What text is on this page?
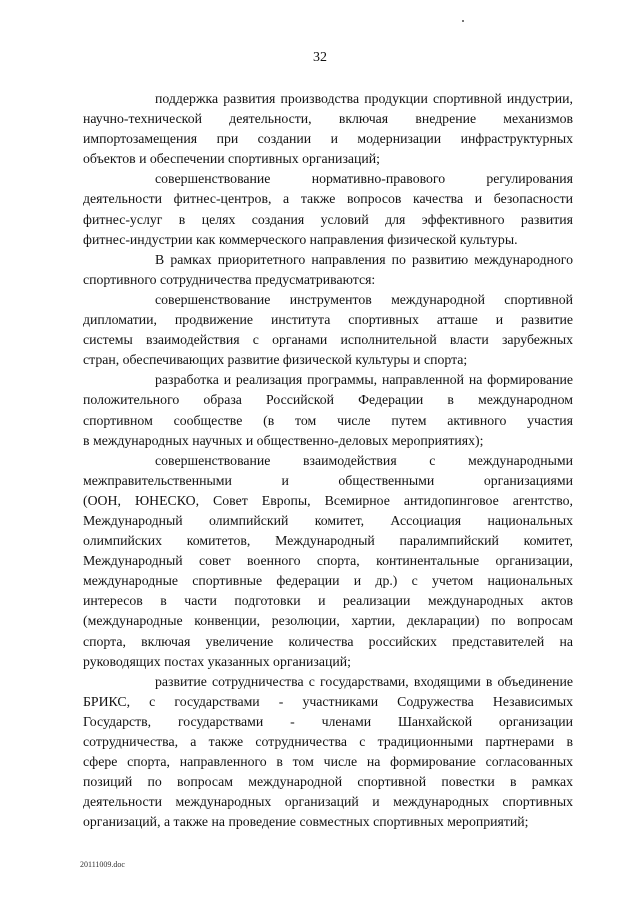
32
поддержка развития производства продукции спортивной индустрии,
научно-технической деятельности, включая внедрение механизмов
импортозамещения при создании и модернизации инфраструктурных
объектов и обеспечении спортивных организаций;
совершенствование нормативно-правового регулирования
деятельности фитнес-центров, а также вопросов качества и безопасности
фитнес-услуг в целях создания условий для эффективного развития
фитнес-индустрии как коммерческого направления физической культуры.
В рамках приоритетного направления по развитию международного
спортивного сотрудничества предусматриваются:
совершенствование инструментов международной спортивной
дипломатии, продвижение института спортивных атташе и развитие
системы взаимодействия с органами исполнительной власти зарубежных
стран, обеспечивающих развитие физической культуры и спорта;
разработка и реализация программы, направленной на формирование
положительного образа Российской Федерации в международном
спортивном сообществе (в том числе путем активного участия
в международных научных и общественно-деловых мероприятиях);
совершенствование взаимодействия с международными
межправительственными и общественными организациями
(ООН, ЮНЕСКО, Совет Европы, Всемирное антидопинговое агентство,
Международный олимпийский комитет, Ассоциация национальных
олимпийских комитетов, Международный паралимпийский комитет,
Международный совет военного спорта, континентальные организации,
международные спортивные федерации и др.) с учетом национальных
интересов в части подготовки и реализации международных актов
(международные конвенции, резолюции, хартии, декларации) по вопросам
спорта, включая увеличение количества российских представителей на
руководящих постах указанных организаций;
развитие сотрудничества с государствами, входящими в объединение
БРИКС, с государствами - участниками Содружества Независимых
Государств, государствами - членами Шанхайской организации
сотрудничества, а также сотрудничества с традиционными партнерами в
сфере спорта, направленного в том числе на формирование согласованных
позиций по вопросам международной спортивной повестки в рамках
деятельности международных организаций и международных спортивных
организаций, а также на проведение совместных спортивных мероприятий;
20111009.doc
